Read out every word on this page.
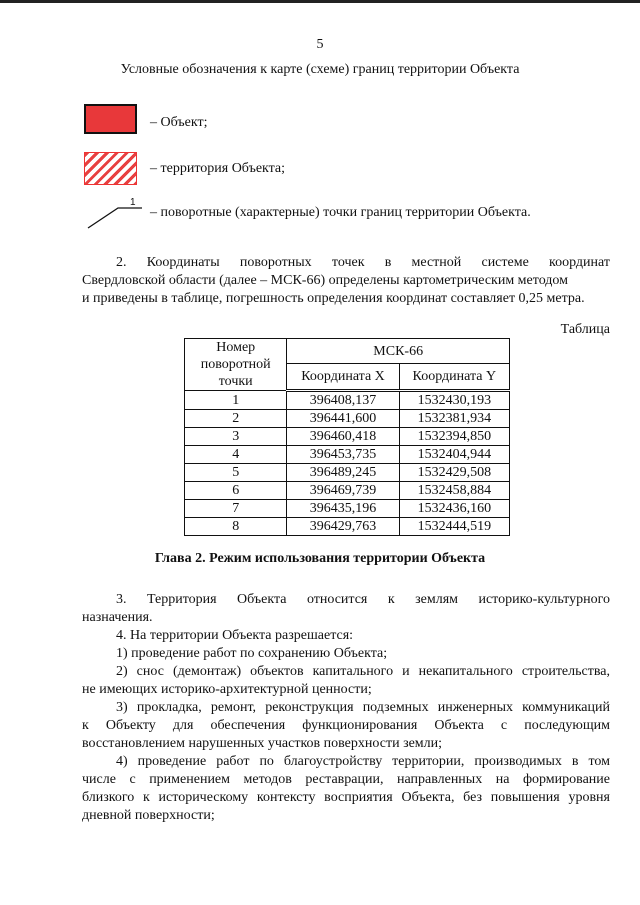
5
Условные обозначения к карте (схеме) границ территории Объекта
– Объект;
– территория Объекта;
1
– поворотные (характерные) точки границ территории Объекта.
2. Координаты поворотных точек в местной системе координат
Свердловской области (далее – МСК-66) определены картометрическим методом
и приведены в таблице, погрешность определения координат составляет 0,25 метра.
Таблица
Номер поворотной точки	МСК-66	
	Координата X	Координата Y
1	396408,137	1532430,193
2	396441,600	1532381,934
3	396460,418	1532394,850
4	396453,735	1532404,944
5	396489,245	1532429,508
6	396469,739	1532458,884
7	396435,196	1532436,160
8	396429,763	1532444,519
Глава 2. Режим использования территории Объекта
3. Территория Объекта относится к землям историко-культурного
назначения.
4. На территории Объекта разрешается:
1) проведение работ по сохранению Объекта;
2) снос (демонтаж) объектов капитального и некапитального строительства,
не имеющих историко-архитектурной ценности;
3) прокладка, ремонт, реконструкция подземных инженерных коммуникаций
к Объекту для обеспечения функционирования Объекта с последующим
восстановлением нарушенных участков поверхности земли;
4) проведение работ по благоустройству территории, производимых в том
числе с применением методов реставрации, направленных на формирование
близкого к историческому контексту восприятия Объекта, без повышения уровня
дневной поверхности;
